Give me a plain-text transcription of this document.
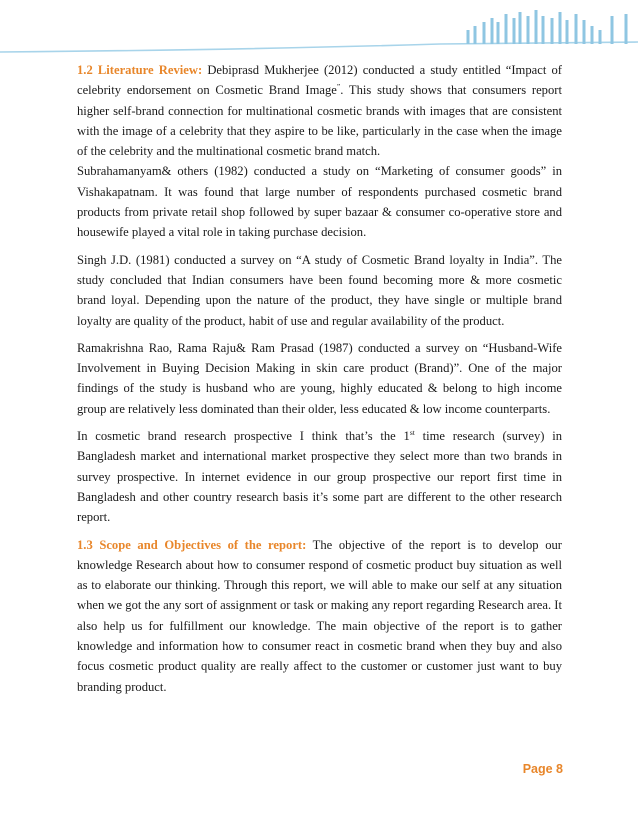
1.2 Literature Review: Debiprasd Mukherjee (2012) conducted a study entitled “Impact of celebrity endorsement on Cosmetic Brand Image”. This study shows that consumers report higher self-brand connection for multinational cosmetic brands with images that are consistent with the image of a celebrity that they aspire to be like, particularly in the case when the image of the celebrity and the multinational cosmetic brand match.

Subrahamanyam& others (1982) conducted a study on “Marketing of consumer goods” in Vishakapatnam. It was found that large number of respondents purchased cosmetic brand products from private retail shop followed by super bazaar & consumer co-operative store and housewife played a vital role in taking purchase decision.

Singh J.D. (1981) conducted a survey on “A study of Cosmetic Brand loyalty in India”. The study concluded that Indian consumers have been found becoming more & more cosmetic brand loyal. Depending upon the nature of the product, they have single or multiple brand loyalty are quality of the product, habit of use and regular availability of the product.

Ramakrishna Rao, Rama Raju& Ram Prasad (1987) conducted a survey on “Husband-Wife Involvement in Buying Decision Making in skin care product (Brand)”. One of the major findings of the study is husband who are young, highly educated & belong to high income group are relatively less dominated than their older, less educated & low income counterparts.

In cosmetic brand research prospective I think that’s the 1st time research (survey) in Bangladesh market and international market prospective they select more than two brands in survey prospective. In internet evidence in our group prospective our report first time in Bangladesh and other country research basis it’s some part are different to the other research report.

1.3 Scope and Objectives of the report: The objective of the report is to develop our knowledge Research about how to consumer respond of cosmetic product buy situation as well as to elaborate our thinking. Through this report, we will able to make our self at any situation when we got the any sort of assignment or task or making any report regarding Research area. It also help us for fulfillment our knowledge. The main objective of the report is to gather knowledge and information how to consumer react in cosmetic brand when they buy and also focus cosmetic product quality are really affect to the customer or customer just want to buy branding product.

Page 8
